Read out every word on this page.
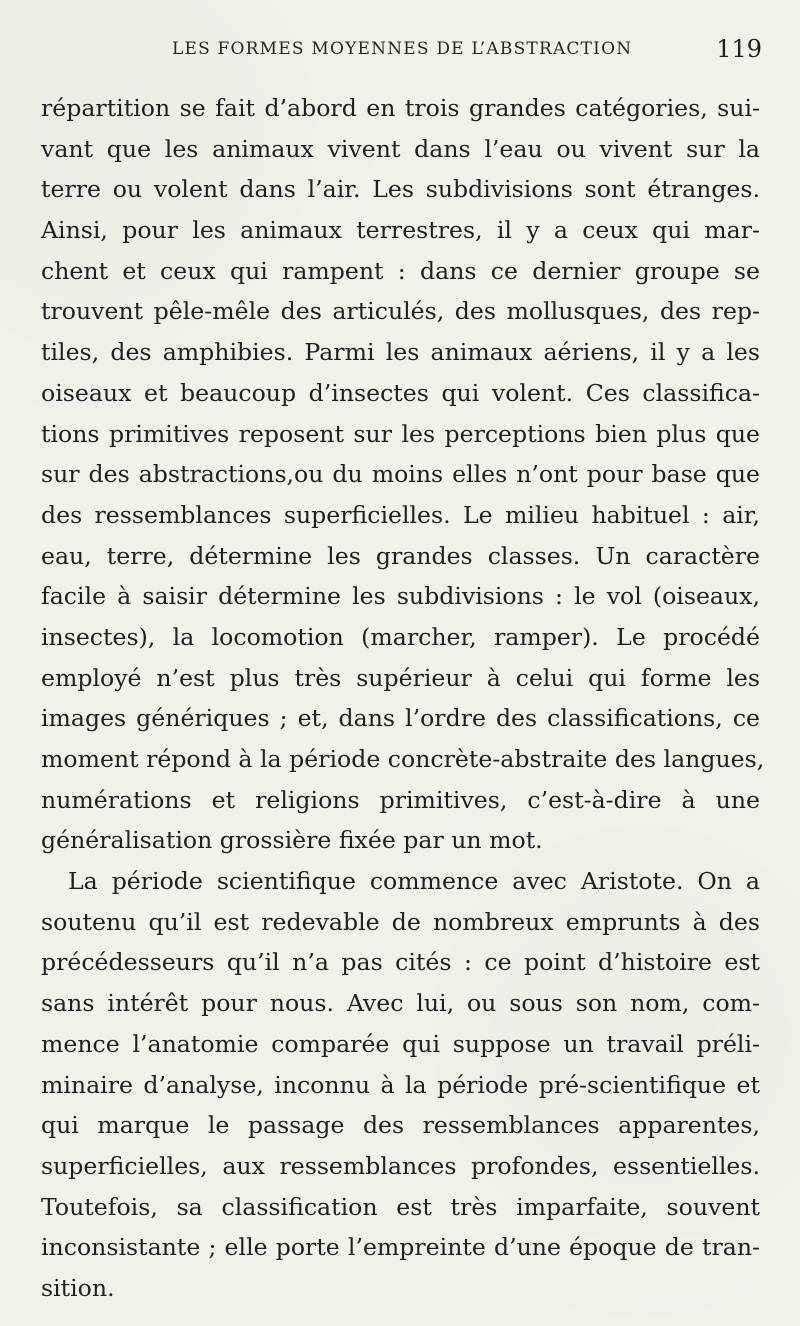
LES FORMES MOYENNES DE L’ABSTRACTION	119
répartition se fait d’abord en trois grandes catégories, sui-
vant que les animaux vivent dans l’eau ou vivent sur la
terre ou volent dans l’air. Les subdivisions sont étranges.
Ainsi, pour les animaux terrestres, il y a ceux qui mar-
chent et ceux qui rampent : dans ce dernier groupe se
trouvent pêle-mêle des articulés, des mollusques, des rep-
tiles, des amphibies. Parmi les animaux aériens, il y a les
oiseaux et beaucoup d’insectes qui volent. Ces classifica-
tions primitives reposent sur les perceptions bien plus que
sur des abstractions,ou du moins elles n’ont pour base que
des ressemblances superficielles. Le milieu habituel : air,
eau, terre, détermine les grandes classes. Un caractère
facile à saisir détermine les subdivisions : le vol (oiseaux,
insectes), la locomotion (marcher, ramper). Le procédé
employé n’est plus très supérieur à celui qui forme les
images génériques ; et, dans l’ordre des classifications, ce
moment répond à la période concrète-abstraite des langues,
numérations et religions primitives, c’est-à-dire à une
généralisation grossière fixée par un mot.
La période scientifique commence avec Aristote. On a
soutenu qu’il est redevable de nombreux emprunts à des
précédesseurs qu’il n’a pas cités : ce point d’histoire est
sans intérêt pour nous. Avec lui, ou sous son nom, com-
mence l’anatomie comparée qui suppose un travail préli-
minaire d’analyse, inconnu à la période pré-scientifique et
qui marque le passage des ressemblances apparentes,
superficielles, aux ressemblances profondes, essentielles.
Toutefois, sa classification est très imparfaite, souvent
inconsistante ; elle porte l’empreinte d’une époque de tran-
sition.
